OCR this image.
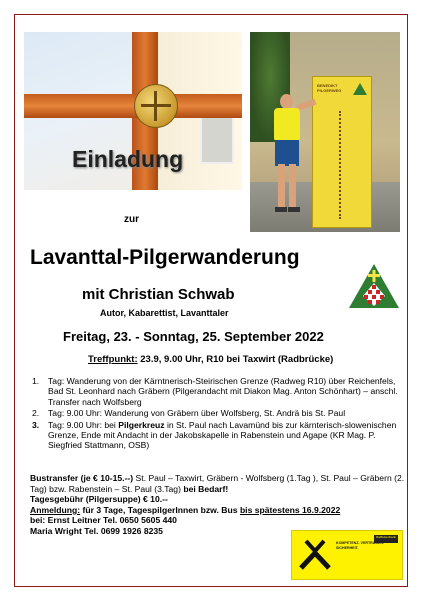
BENEDIKT PILGERWEG
Einladung
zur
Lavanttal-Pilgerwanderung
mit Christian Schwab
Autor, Kabarettist, Lavanttaler
Freitag, 23. - Sonntag, 25. September 2022
Treffpunkt: 23.9, 9.00 Uhr, R10 bei Taxwirt (Radbrücke)
www.benediktweg.at
1. Tag: Wanderung von der Kärntnerisch-Steirischen Grenze (Radweg R10) über Reichenfels, Bad St. Leonhard nach Gräbern (Pilgerandacht mit Diakon Mag. Anton Schönhart) – anschl. Transfer nach Wolfsberg
2. Tag: 9.00 Uhr: Wanderung von Gräbern über Wolfsberg, St. Andrä bis St. Paul
3. Tag: 9.00 Uhr: bei Pilgerkreuz in St. Paul nach Lavamünd bis zur kärnterisch-slowenischen Grenze, Ende mit Andacht in der Jakobskapelle in Rabenstein und Agape (KR Mag. P. Siegfried Stattmann, OSB)
Bustransfer (je € 10-15.--) St. Paul – Taxwirt, Gräbern - Wolfsberg (1.Tag ), St. Paul – Gräbern (2. Tag) bzw. Rabenstein – St. Paul (3.Tag) bei Bedarf!
Tagesgebühr (Pilgersuppe) € 10.--
Anmeldung: für 3 Tage, TagespilgerInnen bzw. Bus bis spätestens 16.9.2022
bei: Ernst Leitner Tel. 0650 5605 440
Maria Wright Tel. 0699 1926 8235
Raiffeisenbank
KOMPETENZ. VERTRAUEN. SICHERHEIT.
